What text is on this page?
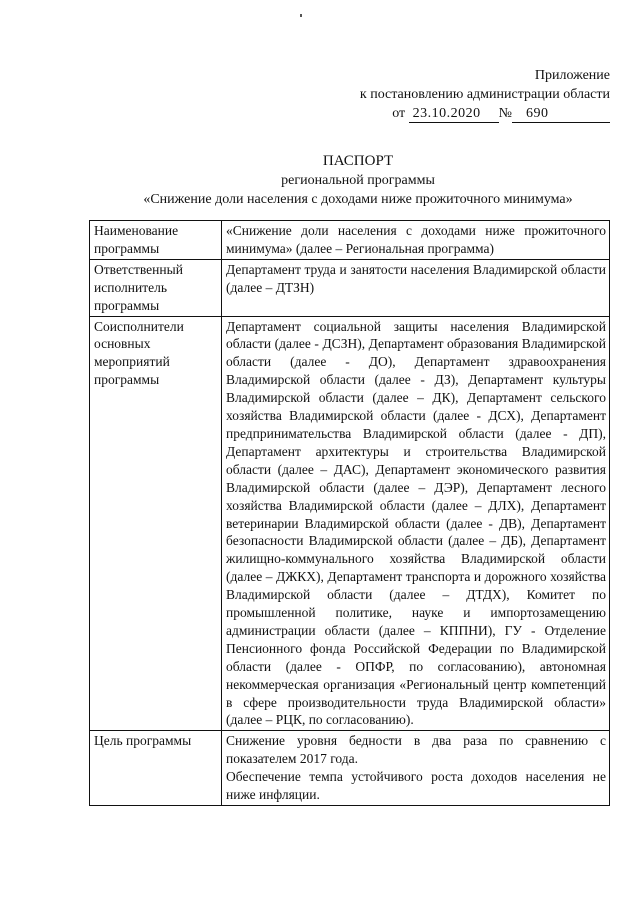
Приложение
к постановлению администрации области
от 23.10.2020 № 690
ПАСПОРТ
региональной программы
«Снижение доли населения с доходами ниже прожиточного минимума»
Наименование программы	«Снижение доли населения с доходами ниже прожиточного минимума» (далее – Региональная программа)

Ответственный исполнитель программы	Департамент труда и занятости населения Владимирской области (далее – ДТЗН)

Соисполнители основных мероприятий программы	Департамент социальной защиты населения Владимирской области (далее - ДСЗН), Департамент образования Владимирской области (далее - ДО), Департамент здравоохранения Владимирской области (далее - ДЗ), Департамент культуры Владимирской области (далее – ДК), Департамент сельского хозяйства Владимирской области (далее - ДСХ), Департамент предпринимательства Владимирской области (далее - ДП), Департамент архитектуры и строительства Владимирской области (далее – ДАС), Департамент экономического развития Владимирской области (далее – ДЭР), Департамент лесного хозяйства Владимирской области (далее – ДЛХ), Департамент ветеринарии Владимирской области (далее - ДВ), Департамент безопасности Владимирской области (далее – ДБ), Департамент жилищно-коммунального хозяйства Владимирской области (далее – ДЖКХ), Департамент транспорта и дорожного хозяйства Владимирской области (далее – ДТДХ), Комитет по промышленной политике, науке и импортозамещению администрации области (далее – КППНИ), ГУ - Отделение Пенсионного фонда Российской Федерации по Владимирской области (далее - ОПФР, по согласованию), автономная некоммерческая организация «Региональный центр компетенций в сфере производительности труда Владимирской области» (далее – РЦК, по согласованию).

Цель программы	Снижение уровня бедности в два раза по сравнению с показателем 2017 года.

Обеспечение темпа устойчивого роста доходов населения не ниже инфляции.
